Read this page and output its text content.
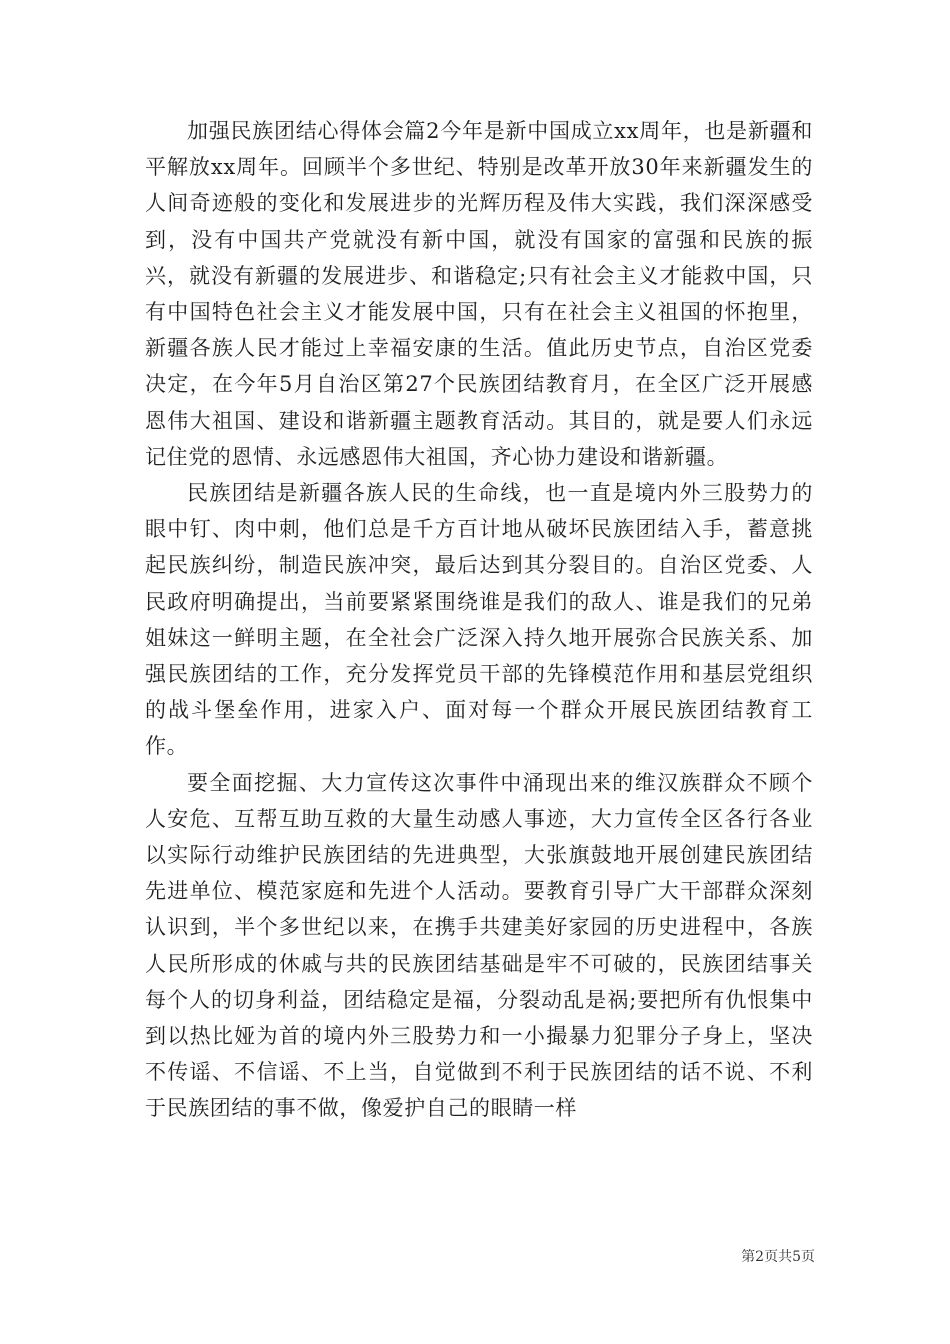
加强民族团结心得体会篇2今年是新中国成立xx周年，也是新疆和平解放xx周年。回顾半个多世纪、特别是改革开放30年来新疆发生的人间奇迹般的变化和发展进步的光辉历程及伟大实践，我们深深感受到，没有中国共产党就没有新中国，就没有国家的富强和民族的振兴，就没有新疆的发展进步、和谐稳定;只有社会主义才能救中国，只有中国特色社会主义才能发展中国，只有在社会主义祖国的怀抱里，新疆各族人民才能过上幸福安康的生活。值此历史节点，自治区党委决定，在今年5月自治区第27个民族团结教育月，在全区广泛开展感恩伟大祖国、建设和谐新疆主题教育活动。其目的，就是要人们永远记住党的恩情、永远感恩伟大祖国，齐心协力建设和谐新疆。

民族团结是新疆各族人民的生命线，也一直是境内外三股势力的眼中钉、肉中刺，他们总是千方百计地从破坏民族团结入手，蓄意挑起民族纠纷，制造民族冲突，最后达到其分裂目的。自治区党委、人民政府明确提出，当前要紧紧围绕谁是我们的敌人、谁是我们的兄弟姐妹这一鲜明主题，在全社会广泛深入持久地开展弥合民族关系、加强民族团结的工作，充分发挥党员干部的先锋模范作用和基层党组织的战斗堡垒作用，进家入户、面对每一个群众开展民族团结教育工作。

要全面挖掘、大力宣传这次事件中涌现出来的维汉族群众不顾个人安危、互帮互助互救的大量生动感人事迹，大力宣传全区各行各业以实际行动维护民族团结的先进典型，大张旗鼓地开展创建民族团结先进单位、模范家庭和先进个人活动。要教育引导广大干部群众深刻认识到，半个多世纪以来，在携手共建美好家园的历史进程中，各族人民所形成的休戚与共的民族团结基础是牢不可破的，民族团结事关每个人的切身利益，团结稳定是福，分裂动乱是祸;要把所有仇恨集中到以热比娅为首的境内外三股势力和一小撮暴力犯罪分子身上，坚决不传谣、不信谣、不上当，自觉做到不利于民族团结的话不说、不利于民族团结的事不做，像爱护自己的眼睛一样

第2页共5页
